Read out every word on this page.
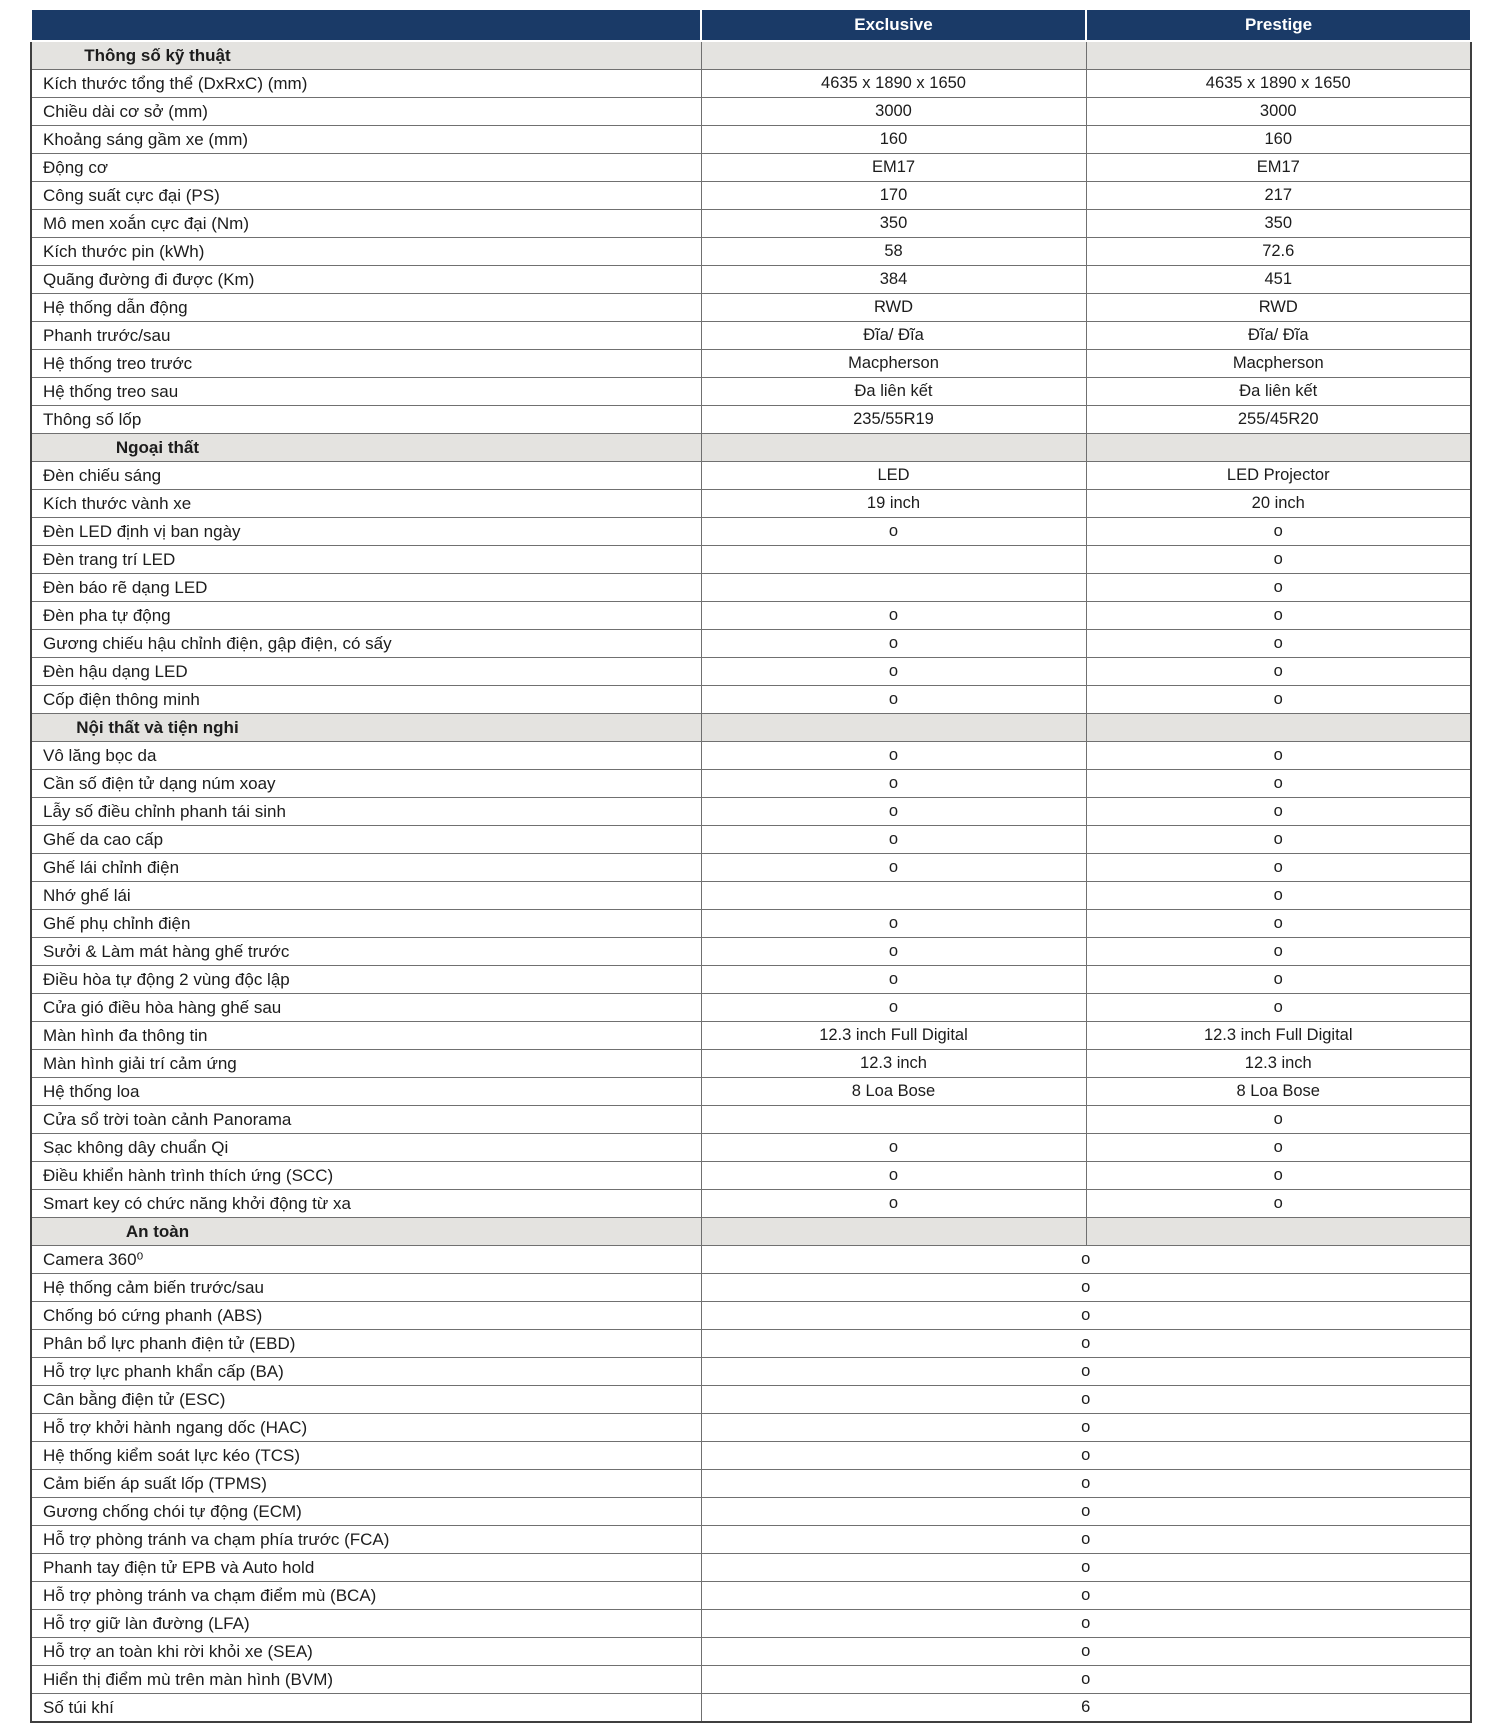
	Exclusive	Prestige
Thông số kỹ thuật		
Kích thước tổng thể (DxRxC) (mm)	4635 x 1890 x 1650	4635 x 1890 x 1650
Chiều dài cơ sở (mm)	3000	3000
Khoảng sáng gầm xe (mm)	160	160
Động cơ	EM17	EM17
Công suất cực đại (PS)	170	217
Mô men xoắn cực đại (Nm)	350	350
Kích thước pin (kWh)	58	72.6
Quãng đường đi được (Km)	384	451
Hệ thống dẫn động	RWD	RWD
Phanh trước/sau	Đĩa/ Đĩa	Đĩa/ Đĩa
Hệ thống treo trước	Macpherson	Macpherson
Hệ thống treo sau	Đa liên kết	Đa liên kết
Thông số lốp	235/55R19	255/45R20
Ngoại thất		
Đèn chiếu sáng	LED	LED Projector
Kích thước vành xe	19 inch	20 inch
Đèn LED định vị ban ngày	o	o
Đèn trang trí LED		o
Đèn báo rẽ dạng LED		o
Đèn pha tự động	o	o
Gương chiếu hậu chỉnh điện, gập điện, có sấy	o	o
Đèn hậu dạng LED	o	o
Cốp điện thông minh	o	o
Nội thất và tiện nghi		
Vô lăng bọc da	o	o
Cần số điện tử dạng núm xoay	o	o
Lẫy số điều chỉnh phanh tái sinh	o	o
Ghế da cao cấp	o	o
Ghế lái chỉnh điện	o	o
Nhớ ghế lái		o
Ghế phụ chỉnh điện	o	o
Sưởi & Làm mát hàng ghế trước	o	o
Điều hòa tự động 2 vùng độc lập	o	o
Cửa gió điều hòa hàng ghế sau	o	o
Màn hình đa thông tin	12.3 inch Full Digital	12.3 inch Full Digital
Màn hình giải trí cảm ứng	12.3 inch	12.3 inch
Hệ thống loa	8 Loa Bose	8 Loa Bose
Cửa sổ trời toàn cảnh Panorama		o
Sạc không dây chuẩn Qi	o	o
Điều khiển hành trình thích ứng (SCC)	o	o
Smart key có chức năng khởi động từ xa	o	o
An toàn		
Camera 360⁰	o	
Hệ thống cảm biến trước/sau	o	
Chống bó cứng phanh (ABS)	o	
Phân bổ lực phanh điện tử (EBD)	o	
Hỗ trợ lực phanh khẩn cấp (BA)	o	
Cân bằng điện tử (ESC)	o	
Hỗ trợ khởi hành ngang dốc (HAC)	o	
Hệ thống kiểm soát lực kéo (TCS)	o	
Cảm biến áp suất lốp (TPMS)	o	
Gương chống chói tự động (ECM)	o	
Hỗ trợ phòng tránh va chạm phía trước (FCA)	o	
Phanh tay điện tử EPB và Auto hold	o	
Hỗ trợ phòng tránh va chạm điểm mù (BCA)	o	
Hỗ trợ giữ làn đường (LFA)	o	
Hỗ trợ an toàn khi rời khỏi xe (SEA)	o	
Hiển thị điểm mù trên màn hình (BVM)	o	
Số túi khí	6	
